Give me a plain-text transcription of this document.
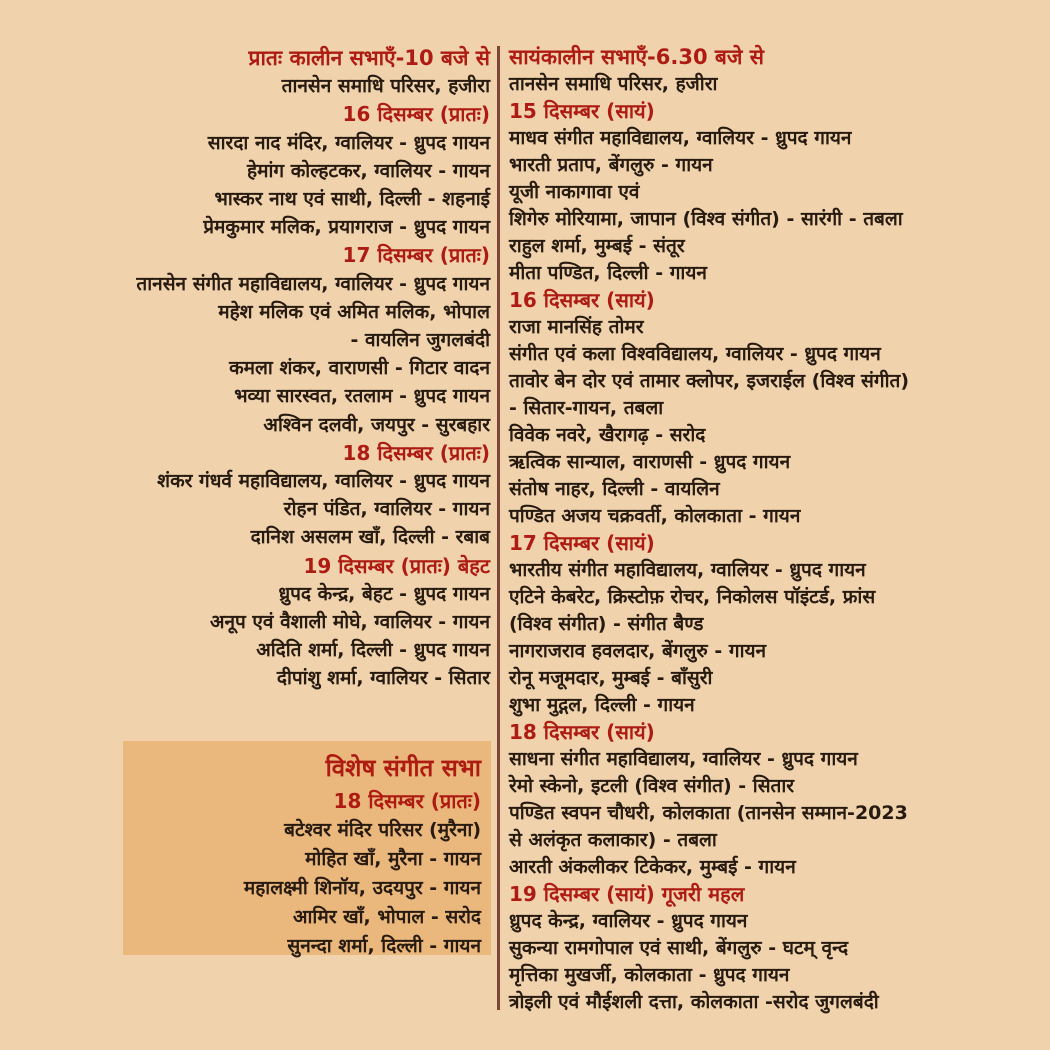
प्रातः कालीन सभाएँ-10 बजे से
तानसेन समाधि परिसर, हजीरा
16 दिसम्बर (प्रातः)
सारदा नाद मंदिर, ग्वालियर - ध्रुपद गायन
हेमांग कोल्हटकर, ग्वालियर - गायन
भास्कर नाथ एवं साथी, दिल्ली - शहनाई
प्रेमकुमार मलिक, प्रयागराज - ध्रुपद गायन
17 दिसम्बर (प्रातः)
तानसेन संगीत महाविद्यालय, ग्वालियर - ध्रुपद गायन
महेश मलिक एवं अमित मलिक, भोपाल
- वायलिन जुगलबंदी
कमला शंकर, वाराणसी - गिटार वादन
भव्या सारस्वत, रतलाम - ध्रुपद गायन
अश्विन दलवी, जयपुर - सुरबहार
18 दिसम्बर (प्रातः)
शंकर गंधर्व महाविद्यालय, ग्वालियर - ध्रुपद गायन
रोहन पंडित, ग्वालियर - गायन
दानिश असलम खाँ, दिल्ली - रबाब
19 दिसम्बर (प्रातः) बेहट
ध्रुपद केन्द्र, बेहट - ध्रुपद गायन
अनूप एवं वैशाली मोघे, ग्वालियर - गायन
अदिति शर्मा, दिल्ली - ध्रुपद गायन
दीपांशु शर्मा, ग्वालियर - सितार
सायंकालीन सभाएँ-6.30 बजे से
तानसेन समाधि परिसर, हजीरा
15 दिसम्बर (सायं)
माधव संगीत महाविद्यालय, ग्वालियर - ध्रुपद गायन
भारती प्रताप, बेंगलुरु - गायन
यूजी नाकागावा एवं
शिगेरु मोरियामा, जापान (विश्व संगीत) - सारंगी - तबला
राहुल शर्मा, मुम्बई - संतूर
मीता पण्डित, दिल्ली - गायन
16 दिसम्बर (सायं)
राजा मानसिंह तोमर
संगीत एवं कला विश्वविद्यालय, ग्वालियर - ध्रुपद गायन
तावोर बेन दोर एवं तामार क्लोपर, इजराईल (विश्व संगीत)
- सितार-गायन, तबला
विवेक नवरे, खैरागढ़ - सरोद
ऋत्विक सान्याल, वाराणसी - ध्रुपद गायन
संतोष नाहर, दिल्ली - वायलिन
पण्डित अजय चक्रवर्ती, कोलकाता - गायन
17 दिसम्बर (सायं)
भारतीय संगीत महाविद्यालय, ग्वालियर - ध्रुपद गायन
एटिने केबरेट, क्रिस्टोफ़ रोचर, निकोलस पॉइंटर्ड, फ्रांस
(विश्व संगीत) - संगीत बैण्ड
नागराजराव हवलदार, बेंगलुरु - गायन
रोनू मजूमदार, मुम्बई - बाँसुरी
शुभा मुद्गल, दिल्ली - गायन
18 दिसम्बर (सायं)
साधना संगीत महाविद्यालय, ग्वालियर - ध्रुपद गायन
रेमो स्केनो, इटली (विश्व संगीत) - सितार
पण्डित स्वपन चौधरी, कोलकाता (तानसेन सम्मान-2023
से अलंकृत कलाकार) - तबला
आरती अंकलीकर टिकेकर, मुम्बई - गायन
19 दिसम्बर (सायं) गूजरी महल
ध्रुपद केन्द्र, ग्वालियर - ध्रुपद गायन
सुकन्या रामगोपाल एवं साथी, बेंगलुरु - घटम् वृन्द
मृत्तिका मुखर्जी, कोलकाता - ध्रुपद गायन
त्रोइली एवं मौईशली दत्ता, कोलकाता -सरोद जुगलबंदी
विशेष संगीत सभा
18 दिसम्बर (प्रातः)
बटेश्वर मंदिर परिसर (मुरैना)
मोहित खाँ, मुरैना - गायन
महालक्ष्मी शिनॉय, उदयपुर - गायन
आमिर खाँ, भोपाल - सरोद
सुनन्दा शर्मा, दिल्ली - गायन
